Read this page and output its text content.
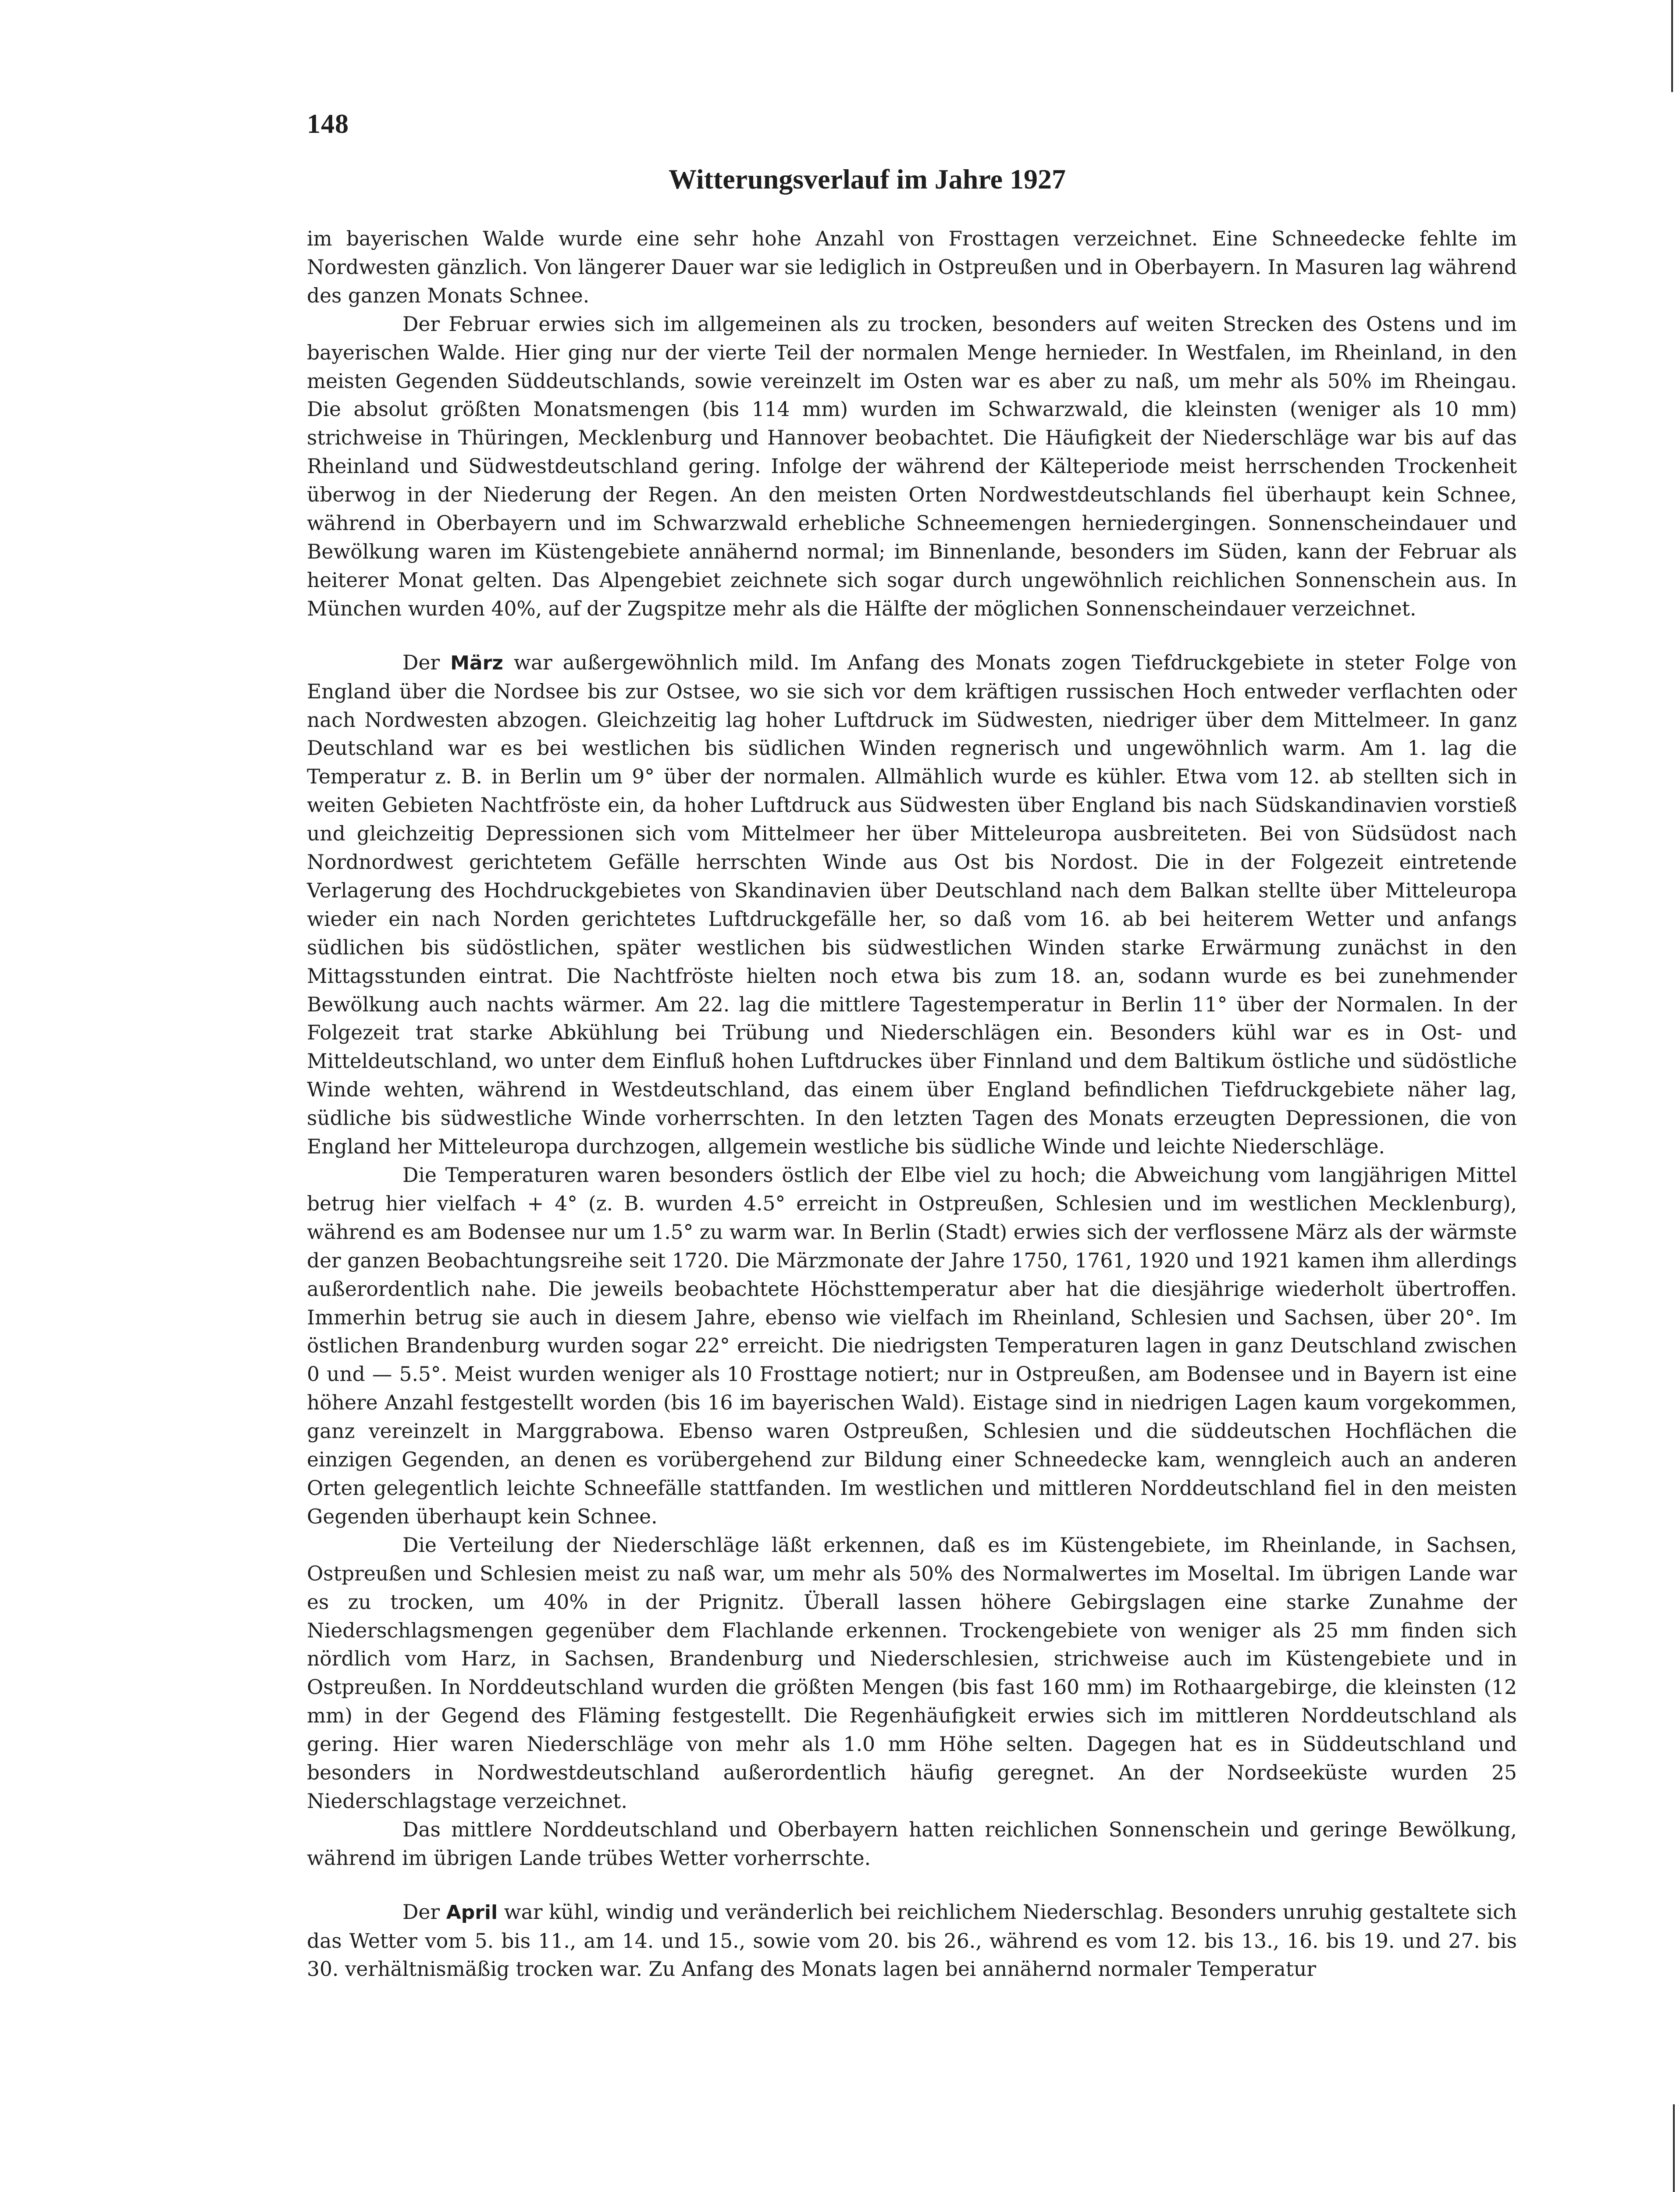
148
Witterungsverlauf im Jahre 1927

im bayerischen Walde wurde eine sehr hohe Anzahl von Frosttagen verzeichnet. Eine Schneedecke fehlte im Nordwesten gänzlich. Von längerer Dauer war sie lediglich in Ostpreußen und in Oberbayern. In Masuren lag während des ganzen Monats Schnee.

Der Februar erwies sich im allgemeinen als zu trocken, besonders auf weiten Strecken des Ostens und im bayerischen Walde. Hier ging nur der vierte Teil der normalen Menge hernieder. In Westfalen, im Rheinland, in den meisten Gegenden Süddeutschlands, sowie vereinzelt im Osten war es aber zu naß, um mehr als 50% im Rheingau. Die absolut größten Monatsmengen (bis 114 mm) wurden im Schwarzwald, die kleinsten (weniger als 10 mm) strichweise in Thüringen, Mecklenburg und Hannover beobachtet. Die Häufigkeit der Niederschläge war bis auf das Rheinland und Südwestdeutschland gering. Infolge der während der Kälteperiode meist herrschenden Trockenheit überwog in der Niederung der Regen. An den meisten Orten Nordwestdeutschlands fiel überhaupt kein Schnee, während in Oberbayern und im Schwarzwald erhebliche Schneemengen herniedergingen. Sonnenscheindauer und Bewölkung waren im Küstengebiete annähernd normal; im Binnenlande, besonders im Süden, kann der Februar als heiterer Monat gelten. Das Alpengebiet zeichnete sich sogar durch ungewöhnlich reichlichen Sonnenschein aus. In München wurden 40%, auf der Zugspitze mehr als die Hälfte der möglichen Sonnenscheindauer verzeichnet.

Der März war außergewöhnlich mild. Im Anfang des Monats zogen Tiefdruckgebiete in steter Folge von England über die Nordsee bis zur Ostsee, wo sie sich vor dem kräftigen russischen Hoch entweder verflachten oder nach Nordwesten abzogen. Gleichzeitig lag hoher Luftdruck im Südwesten, niedriger über dem Mittelmeer. In ganz Deutschland war es bei westlichen bis südlichen Winden regnerisch und ungewöhnlich warm. Am 1. lag die Temperatur z. B. in Berlin um 9° über der normalen. Allmählich wurde es kühler. Etwa vom 12. ab stellten sich in weiten Gebieten Nachtfröste ein, da hoher Luftdruck aus Südwesten über England bis nach Südskandinavien vorstieß und gleichzeitig Depressionen sich vom Mittelmeer her über Mitteleuropa ausbreiteten. Bei von Südsüdost nach Nordnordwest gerichtetem Gefälle herrschten Winde aus Ost bis Nordost. Die in der Folgezeit eintretende Verlagerung des Hochdruckgebietes von Skandinavien über Deutschland nach dem Balkan stellte über Mitteleuropa wieder ein nach Norden gerichtetes Luftdruckgefälle her, so daß vom 16. ab bei heiterem Wetter und anfangs südlichen bis südöstlichen, später westlichen bis südwestlichen Winden starke Erwärmung zunächst in den Mittagsstunden eintrat. Die Nachtfröste hielten noch etwa bis zum 18. an, sodann wurde es bei zunehmender Bewölkung auch nachts wärmer. Am 22. lag die mittlere Tagestemperatur in Berlin 11° über der Normalen. In der Folgezeit trat starke Abkühlung bei Trübung und Niederschlägen ein. Besonders kühl war es in Ost- und Mitteldeutschland, wo unter dem Einfluß hohen Luftdruckes über Finnland und dem Baltikum östliche und südöstliche Winde wehten, während in Westdeutschland, das einem über England befindlichen Tiefdruckgebiete näher lag, südliche bis südwestliche Winde vorherrschten. In den letzten Tagen des Monats erzeugten Depressionen, die von England her Mitteleuropa durchzogen, allgemein westliche bis südliche Winde und leichte Niederschläge.

Die Temperaturen waren besonders östlich der Elbe viel zu hoch; die Abweichung vom langjährigen Mittel betrug hier vielfach + 4° (z. B. wurden 4.5° erreicht in Ostpreußen, Schlesien und im westlichen Mecklenburg), während es am Bodensee nur um 1.5° zu warm war. In Berlin (Stadt) erwies sich der verflossene März als der wärmste der ganzen Beobachtungsreihe seit 1720. Die Märzmonate der Jahre 1750, 1761, 1920 und 1921 kamen ihm allerdings außerordentlich nahe. Die jeweils beobachtete Höchsttemperatur aber hat die diesjährige wiederholt übertroffen. Immerhin betrug sie auch in diesem Jahre, ebenso wie vielfach im Rheinland, Schlesien und Sachsen, über 20°. Im östlichen Brandenburg wurden sogar 22° erreicht. Die niedrigsten Temperaturen lagen in ganz Deutschland zwischen 0 und — 5.5°. Meist wurden weniger als 10 Frosttage notiert; nur in Ostpreußen, am Bodensee und in Bayern ist eine höhere Anzahl festgestellt worden (bis 16 im bayerischen Wald). Eistage sind in niedrigen Lagen kaum vorgekommen, ganz vereinzelt in Marggrabowa. Ebenso waren Ostpreußen, Schlesien und die süddeutschen Hochflächen die einzigen Gegenden, an denen es vorübergehend zur Bildung einer Schneedecke kam, wenngleich auch an anderen Orten gelegentlich leichte Schneefälle stattfanden. Im westlichen und mittleren Norddeutschland fiel in den meisten Gegenden überhaupt kein Schnee.

Die Verteilung der Niederschläge läßt erkennen, daß es im Küstengebiete, im Rheinlande, in Sachsen, Ostpreußen und Schlesien meist zu naß war, um mehr als 50% des Normalwertes im Moseltal. Im übrigen Lande war es zu trocken, um 40% in der Prignitz. Überall lassen höhere Gebirgslagen eine starke Zunahme der Niederschlagsmengen gegenüber dem Flachlande erkennen. Trockengebiete von weniger als 25 mm finden sich nördlich vom Harz, in Sachsen, Brandenburg und Niederschlesien, strichweise auch im Küstengebiete und in Ostpreußen. In Norddeutschland wurden die größten Mengen (bis fast 160 mm) im Rothaargebirge, die kleinsten (12 mm) in der Gegend des Fläming festgestellt. Die Regenhäufigkeit erwies sich im mittleren Norddeutschland als gering. Hier waren Niederschläge von mehr als 1.0 mm Höhe selten. Dagegen hat es in Süddeutschland und besonders in Nordwestdeutschland außerordentlich häufig geregnet. An der Nordseeküste wurden 25 Niederschlagstage verzeichnet.

Das mittlere Norddeutschland und Oberbayern hatten reichlichen Sonnenschein und geringe Bewölkung, während im übrigen Lande trübes Wetter vorherrschte.

Der April war kühl, windig und veränderlich bei reichlichem Niederschlag. Besonders unruhig gestaltete sich das Wetter vom 5. bis 11., am 14. und 15., sowie vom 20. bis 26., während es vom 12. bis 13., 16. bis 19. und 27. bis 30. verhältnismäßig trocken war. Zu Anfang des Monats lagen bei annähernd normaler Temperatur
